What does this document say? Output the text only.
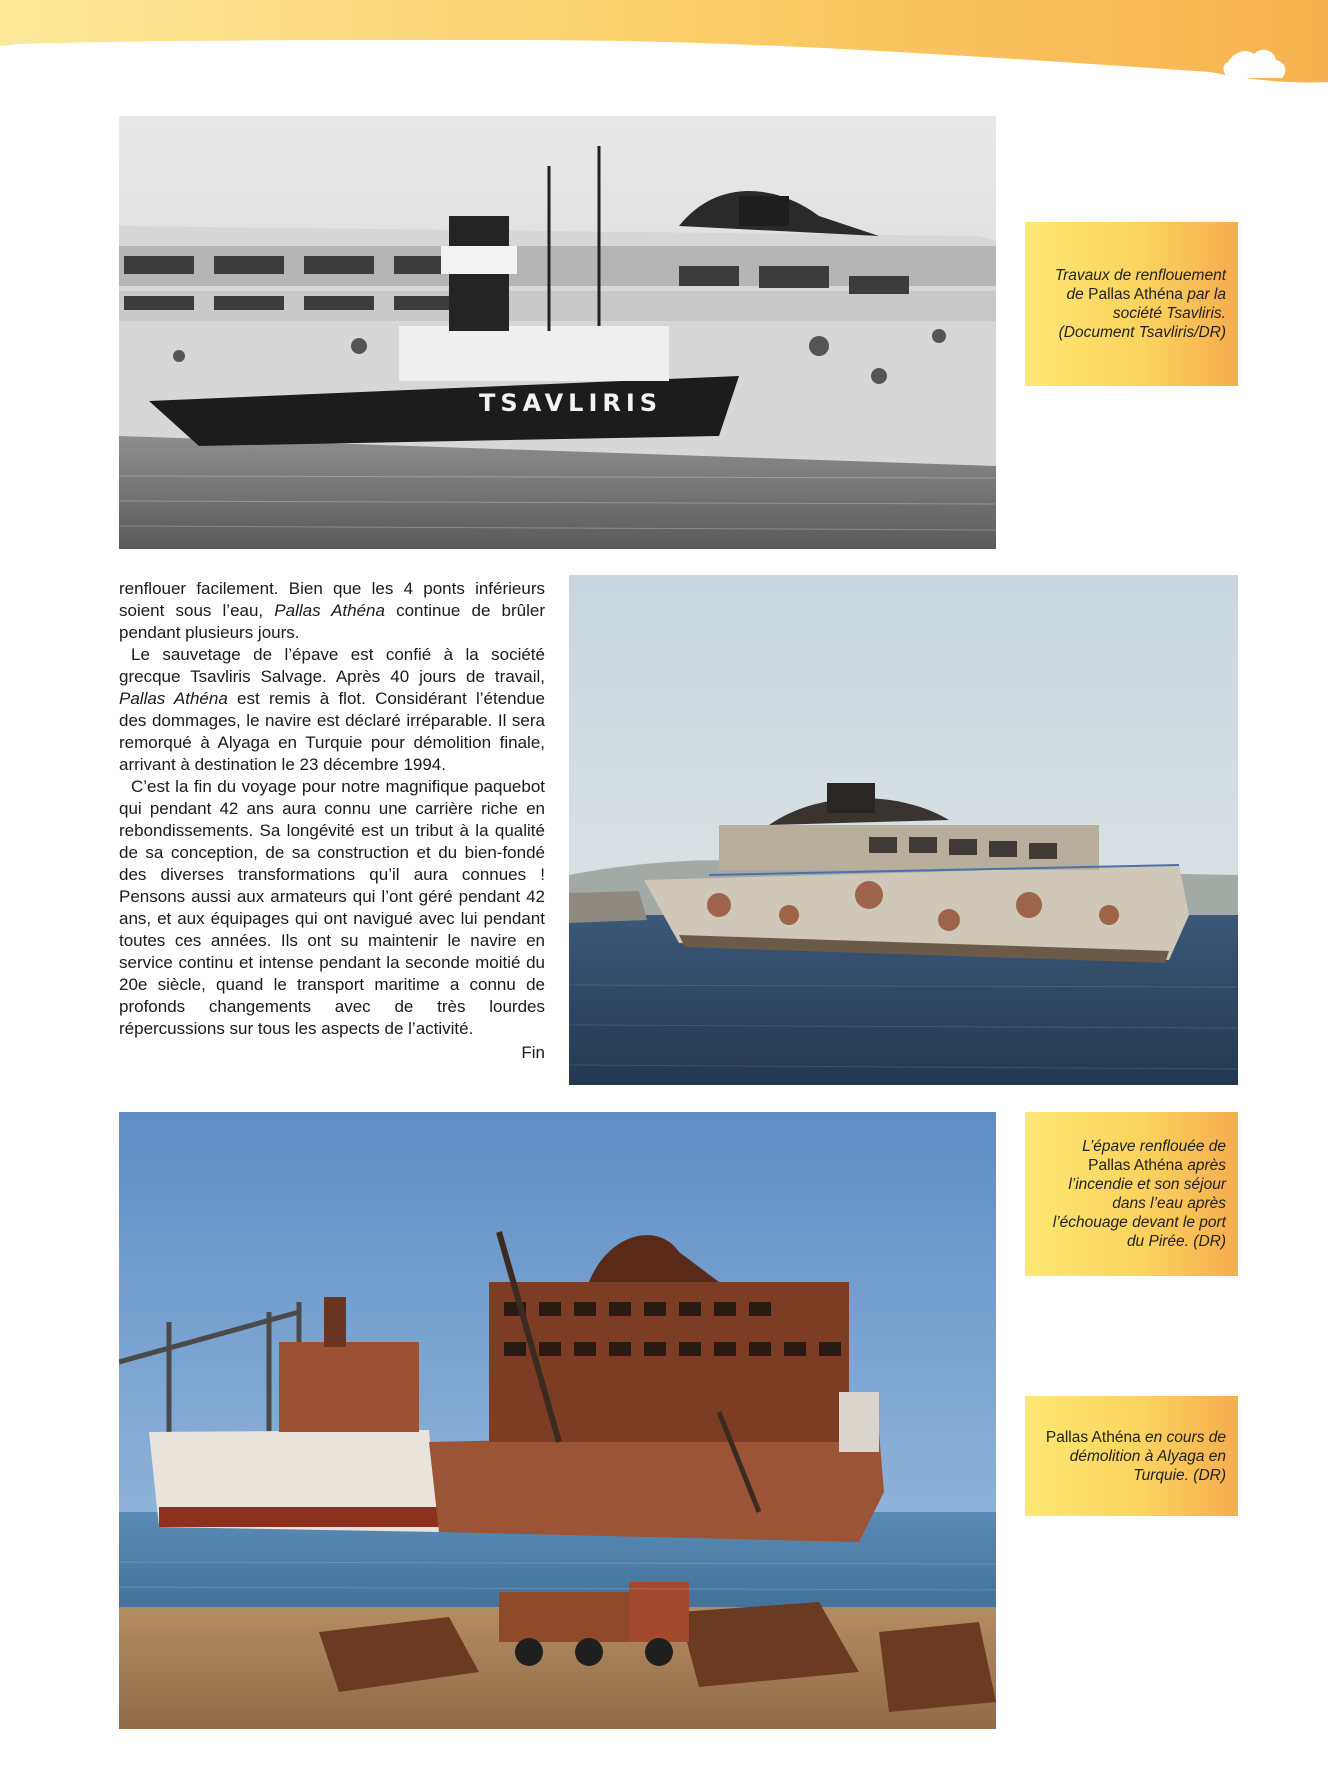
61
TSAVLIRIS
Travaux de renflouement de Pallas Athéna par la société Tsavliris. (Document Tsavliris/DR)

renflouer facilement. Bien que les 4 ponts inférieurs soient sous l’eau, Pallas Athéna continue de brûler pendant plusieurs jours.

Le sauvetage de l’épave est confié à la société grecque Tsavliris Salvage. Après 40 jours de travail, Pallas Athéna est remis à flot. Considérant l’étendue des dommages, le navire est déclaré irréparable. Il sera remorqué à Alyaga en Turquie pour démolition finale, arrivant à destination le 23 décembre 1994.

C’est la fin du voyage pour notre magnifique paquebot qui pendant 42 ans aura connu une carrière riche en rebondissements. Sa longévité est un tribut à la qualité de sa conception, de sa construction et du bien-fondé des diverses transformations qu’il aura connues ! Pensons aussi aux armateurs qui l’ont géré pendant 42 ans, et aux équipages qui ont navigué avec lui pendant toutes ces années. Ils ont su maintenir le navire en service continu et intense pendant la seconde moitié du 20e siècle, quand le transport maritime a connu de profonds changements avec de très lourdes répercussions sur tous les aspects de l’activité.

Fin

L’épave renflouée de Pallas Athéna après l’incendie et son séjour dans l’eau après l’échouage devant le port du Pirée. (DR)
Pallas Athéna en cours de démolition à Alyaga en Turquie. (DR)
